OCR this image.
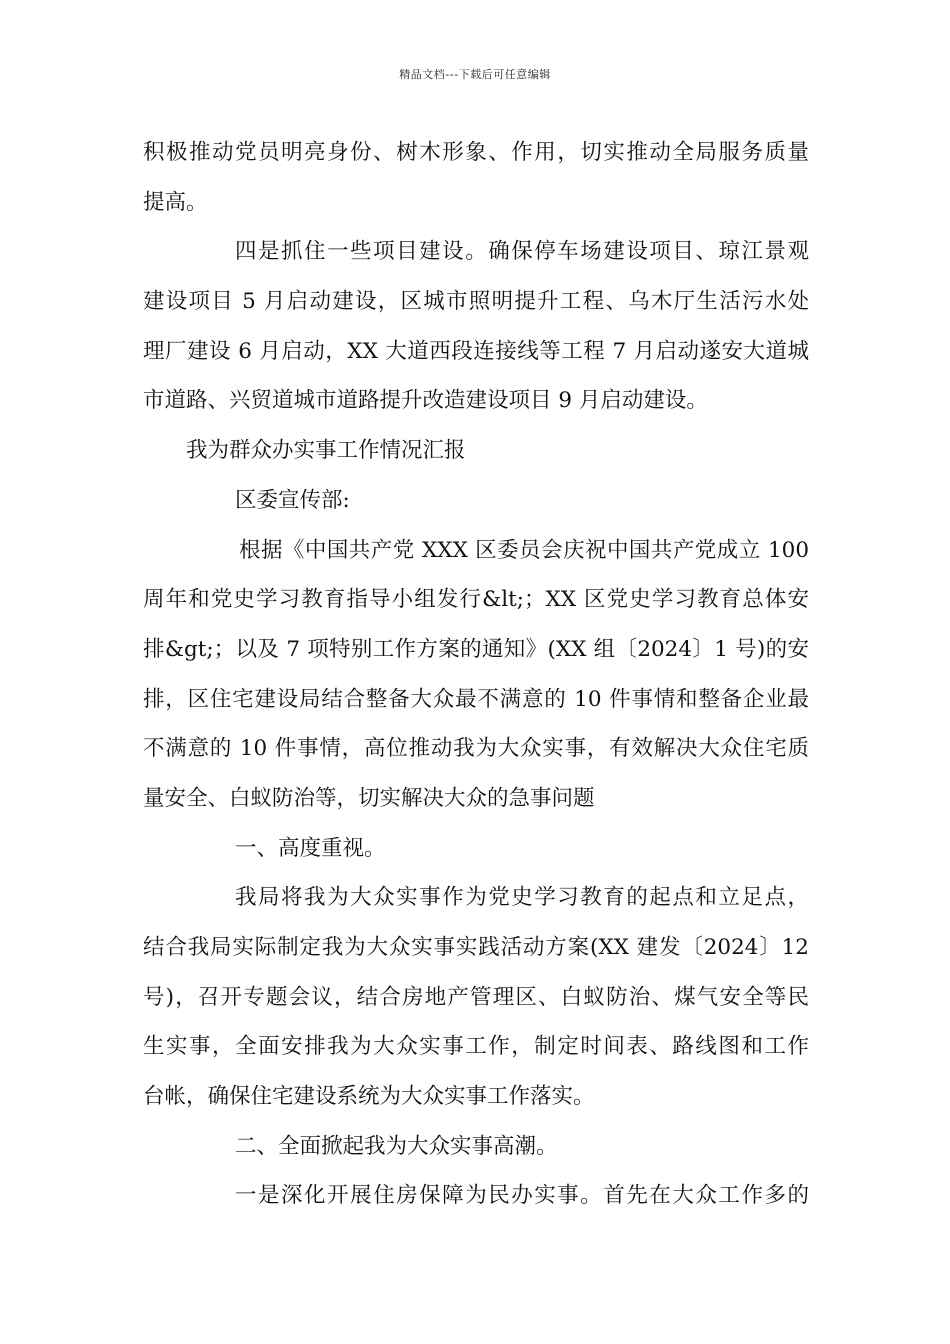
精品文档---下载后可任意编辑
积极推动党员明亮身份、树木形象、作用，切实推动全局服务质量
提高。
四是抓住一些项目建设。确保停车场建设项目、琼江景观
建设项目 5 月启动建设，区城市照明提升工程、乌木厅生活污水处
理厂建设 6 月启动，XX 大道西段连接线等工程 7 月启动遂安大道城
市道路、兴贸道城市道路提升改造建设项目 9 月启动建设。
我为群众办实事工作情况汇报
区委宣传部:
根据《中国共产党 XXX 区委员会庆祝中国共产党成立 100
周年和党史学习教育指导小组发行&lt;；XX 区党史学习教育总体安
排&gt;；以及 7 项特别工作方案的通知》(XX 组〔2024〕1 号)的安
排，区住宅建设局结合整备大众最不满意的 10 件事情和整备企业最
不满意的 10 件事情，高位推动我为大众实事，有效解决大众住宅质
量安全、白蚁防治等，切实解决大众的急事问题
一、高度重视。
我局将我为大众实事作为党史学习教育的起点和立足点，
结合我局实际制定我为大众实事实践活动方案(XX 建发〔2024〕12
号)，召开专题会议，结合房地产管理区、白蚁防治、煤气安全等民
生实事，全面安排我为大众实事工作，制定时间表、路线图和工作
台帐，确保住宅建设系统为大众实事工作落实。
二、全面掀起我为大众实事高潮。
一是深化开展住房保障为民办实事。首先在大众工作多的
